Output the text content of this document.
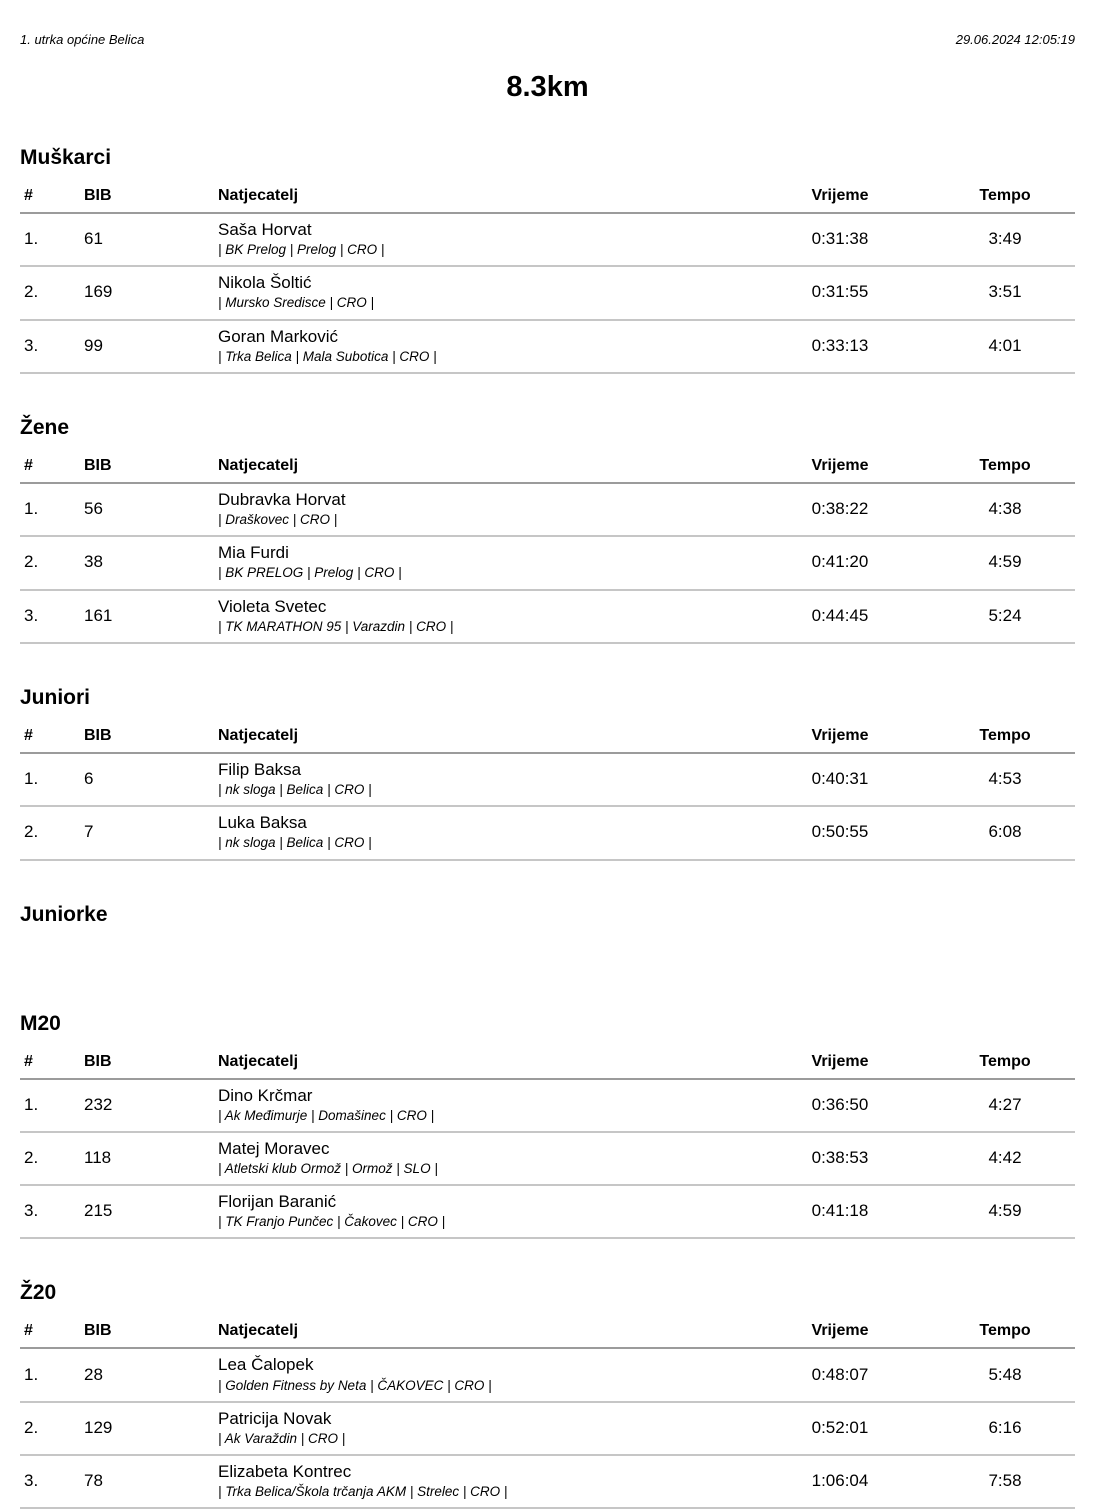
1. utrka općine Belica	29.06.2024 12:05:19
8.3km
Muškarci
#	BIB	Natjecatelj	Vrijeme	Tempo
1.	61	Saša Horvat
| BK Prelog | Prelog | CRO |	0:31:38	3:49
2.	169	Nikola Šoltić
| Mursko Sredisce | CRO |	0:31:55	3:51
3.	99	Goran Marković
| Trka Belica | Mala Subotica | CRO |	0:33:13	4:01
Žene
#	BIB	Natjecatelj	Vrijeme	Tempo
1.	56	Dubravka Horvat
| Draškovec | CRO |	0:38:22	4:38
2.	38	Mia Furdi
| BK PRELOG | Prelog | CRO |	0:41:20	4:59
3.	161	Violeta Svetec
| TK MARATHON 95 | Varazdin | CRO |	0:44:45	5:24
Juniori
#	BIB	Natjecatelj	Vrijeme	Tempo
1.	6	Filip Baksa
| nk sloga | Belica | CRO |	0:40:31	4:53
2.	7	Luka Baksa
| nk sloga | Belica | CRO |	0:50:55	6:08
Juniorke
M20
#	BIB	Natjecatelj	Vrijeme	Tempo
1.	232	Dino Krčmar
| Ak Međimurje | Domašinec | CRO |	0:36:50	4:27
2.	118	Matej Moravec
| Atletski klub Ormož | Ormož | SLO |	0:38:53	4:42
3.	215	Florijan Baranić
| TK Franjo Punčec | Čakovec | CRO |	0:41:18	4:59
Ž20
#	BIB	Natjecatelj	Vrijeme	Tempo
1.	28	Lea Čalopek
| Golden Fitness by Neta | ČAKOVEC | CRO |	0:48:07	5:48
2.	129	Patricija Novak
| Ak Varaždin | CRO |	0:52:01	6:16
3.	78	Elizabeta Kontrec
| Trka Belica/Škola trčanja AKM | Strelec | CRO |	1:06:04	7:58
